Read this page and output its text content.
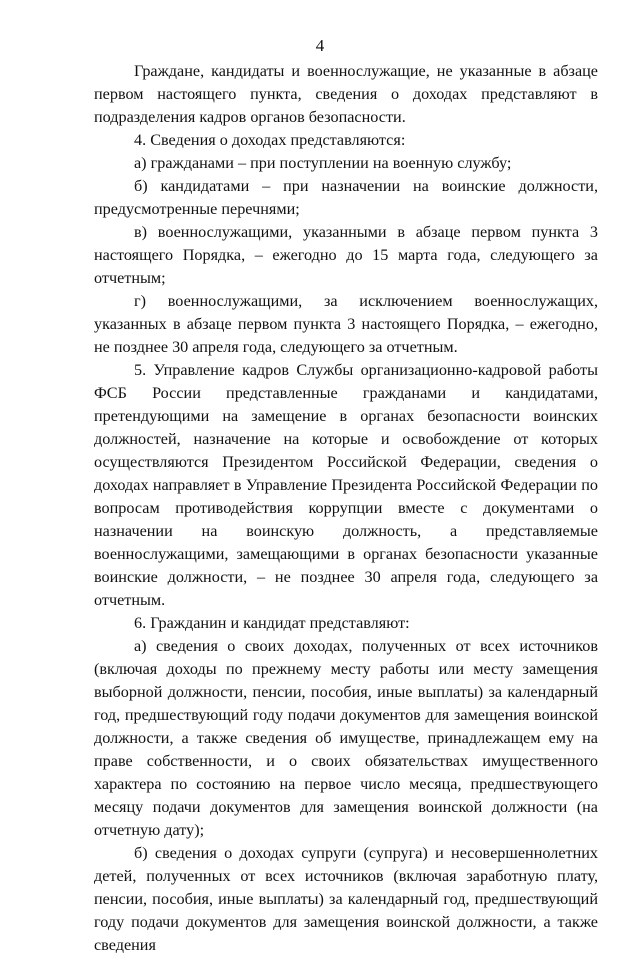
4

Граждане, кандидаты и военнослужащие, не указанные в абзаце первом настоящего пункта, сведения о доходах представляют в подразделения кадров органов безопасности.

4. Сведения о доходах представляются:

а) гражданами – при поступлении на военную службу;

б) кандидатами – при назначении на воинские должности, предусмотренные перечнями;

в) военнослужащими, указанными в абзаце первом пункта 3 настоящего Порядка, – ежегодно до 15 марта года, следующего за отчетным;

г) военнослужащими, за исключением военнослужащих, указанных в абзаце первом пункта 3 настоящего Порядка, – ежегодно, не позднее 30 апреля года, следующего за отчетным.

5. Управление кадров Службы организационно-кадровой работы ФСБ России представленные гражданами и кандидатами, претендующими на замещение в органах безопасности воинских должностей, назначение на которые и освобождение от которых осуществляются Президентом Российской Федерации, сведения о доходах направляет в Управление Президента Российской Федерации по вопросам противодействия коррупции вместе с документами о назначении на воинскую должность, а представляемые военнослужащими, замещающими в органах безопасности указанные воинские должности, – не позднее 30 апреля года, следующего за отчетным.

6. Гражданин и кандидат представляют:

а) сведения о своих доходах, полученных от всех источников (включая доходы по прежнему месту работы или месту замещения выборной должности, пенсии, пособия, иные выплаты) за календарный год, предшествующий году подачи документов для замещения воинской должности, а также сведения об имуществе, принадлежащем ему на праве собственности, и о своих обязательствах имущественного характера по состоянию на первое число месяца, предшествующего месяцу подачи документов для замещения воинской должности (на отчетную дату);

б) сведения о доходах супруги (супруга) и несовершеннолетних детей, полученных от всех источников (включая заработную плату, пенсии, пособия, иные выплаты) за календарный год, предшествующий году подачи документов для замещения воинской должности, а также сведения
